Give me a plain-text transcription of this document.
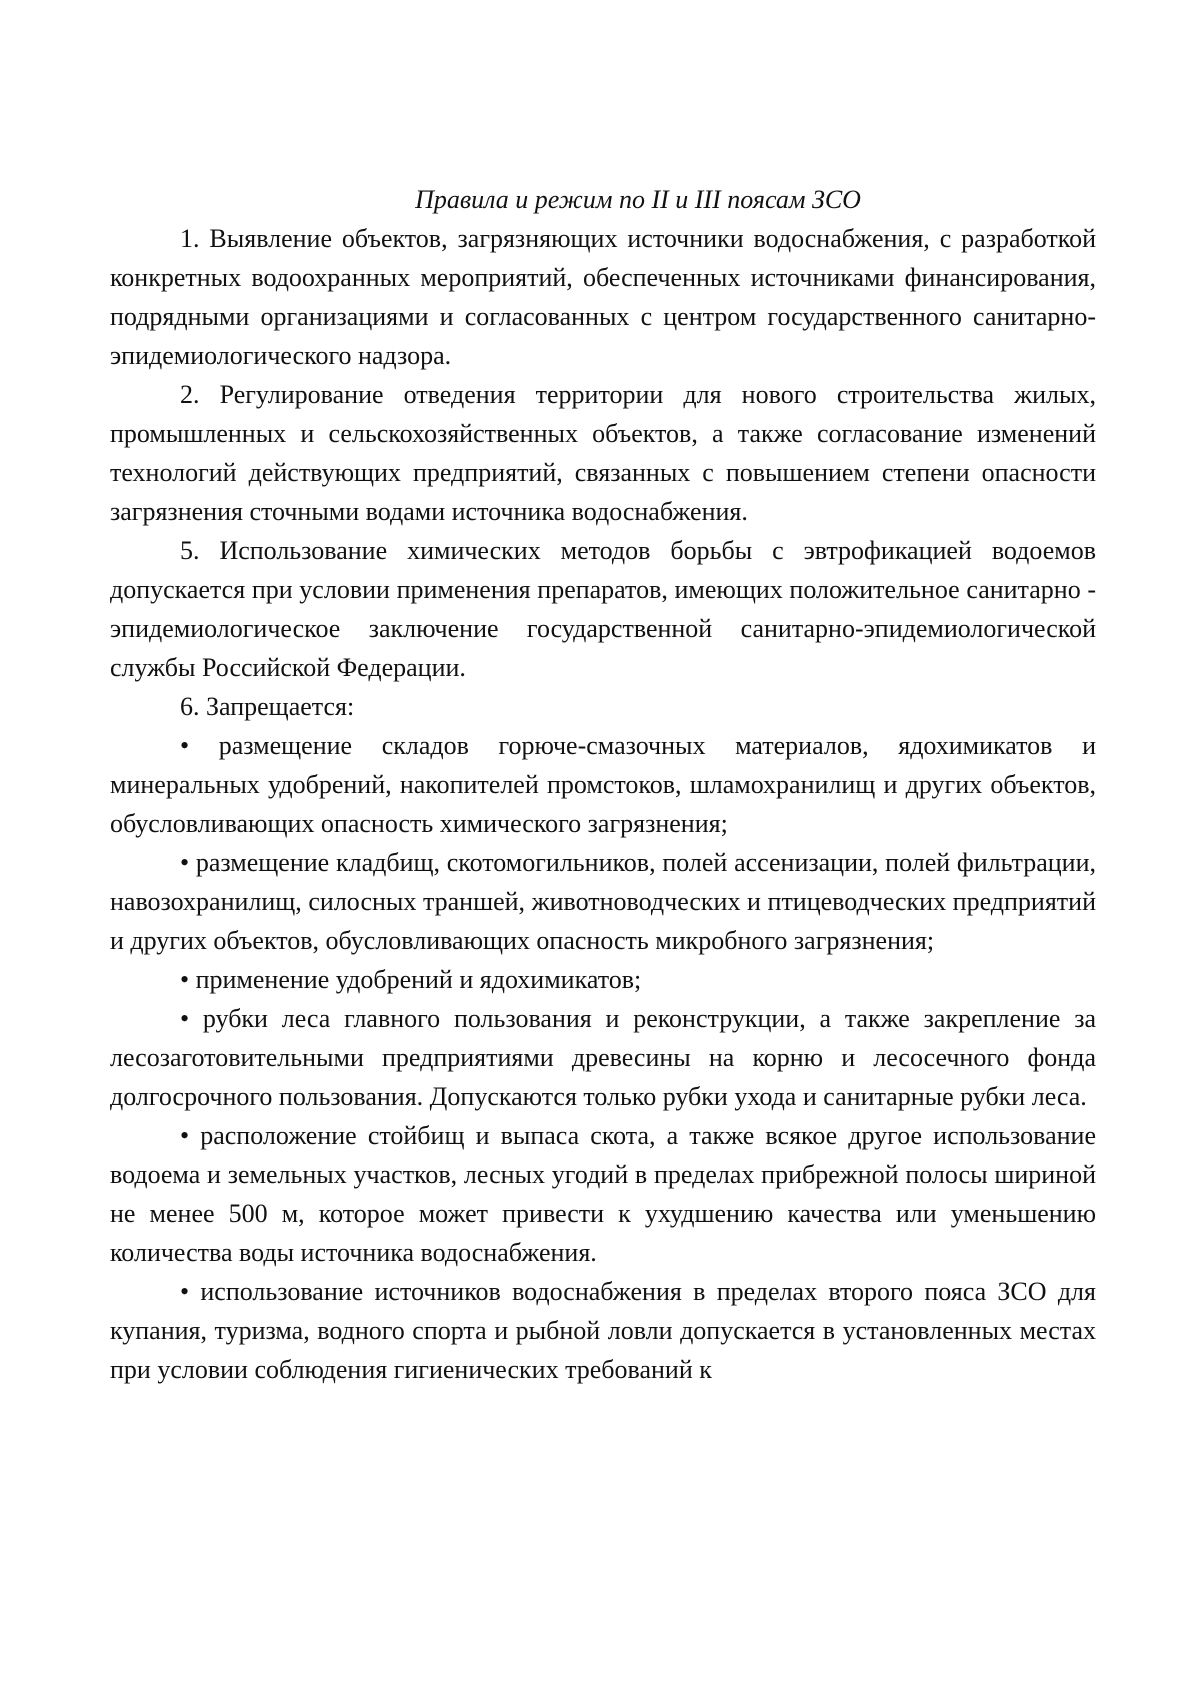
Правила и режим по II и III поясам ЗСО

1. Выявление объектов, загрязняющих источники водоснабжения, с разработкой конкретных водоохранных мероприятий, обеспеченных источниками финансирования, подрядными организациями и согласованных с центром государственного санитарно-эпидемиологического надзора.

2. Регулирование отведения территории для нового строительства жилых, промышленных и сельскохозяйственных объектов, а также согласование изменений технологий действующих предприятий, связанных с повышением степени опасности загрязнения сточными водами источника водоснабжения.

5. Использование химических методов борьбы с эвтрофикацией водоемов допускается при условии применения препаратов, имеющих положительное санитарно - эпидемиологическое заключение государственной санитарно-эпидемиологической службы Российской Федерации.

6. Запрещается:

• размещение складов горюче-смазочных материалов, ядохимикатов и минеральных удобрений, накопителей промстоков, шламохранилищ и других объектов, обусловливающих опасность химического загрязнения;

• размещение кладбищ, скотомогильников, полей ассенизации, полей фильтрации, навозохранилищ, силосных траншей, животноводческих и птицеводческих предприятий и других объектов, обусловливающих опасность микробного загрязнения;

• применение удобрений и ядохимикатов;

• рубки леса главного пользования и реконструкции, а также закрепление за лесозаготовительными предприятиями древесины на корню и лесосечного фонда долгосрочного пользования. Допускаются только рубки ухода и санитарные рубки леса.

• расположение стойбищ и выпаса скота, а также всякое другое использование водоема и земельных участков, лесных угодий в пределах прибрежной полосы шириной не менее 500 м, которое может привести к ухудшению качества или уменьшению количества воды источника водоснабжения.

• использование источников водоснабжения в пределах второго пояса ЗСО для купания, туризма, водного спорта и рыбной ловли допускается в установленных местах при условии соблюдения гигиенических требований к
